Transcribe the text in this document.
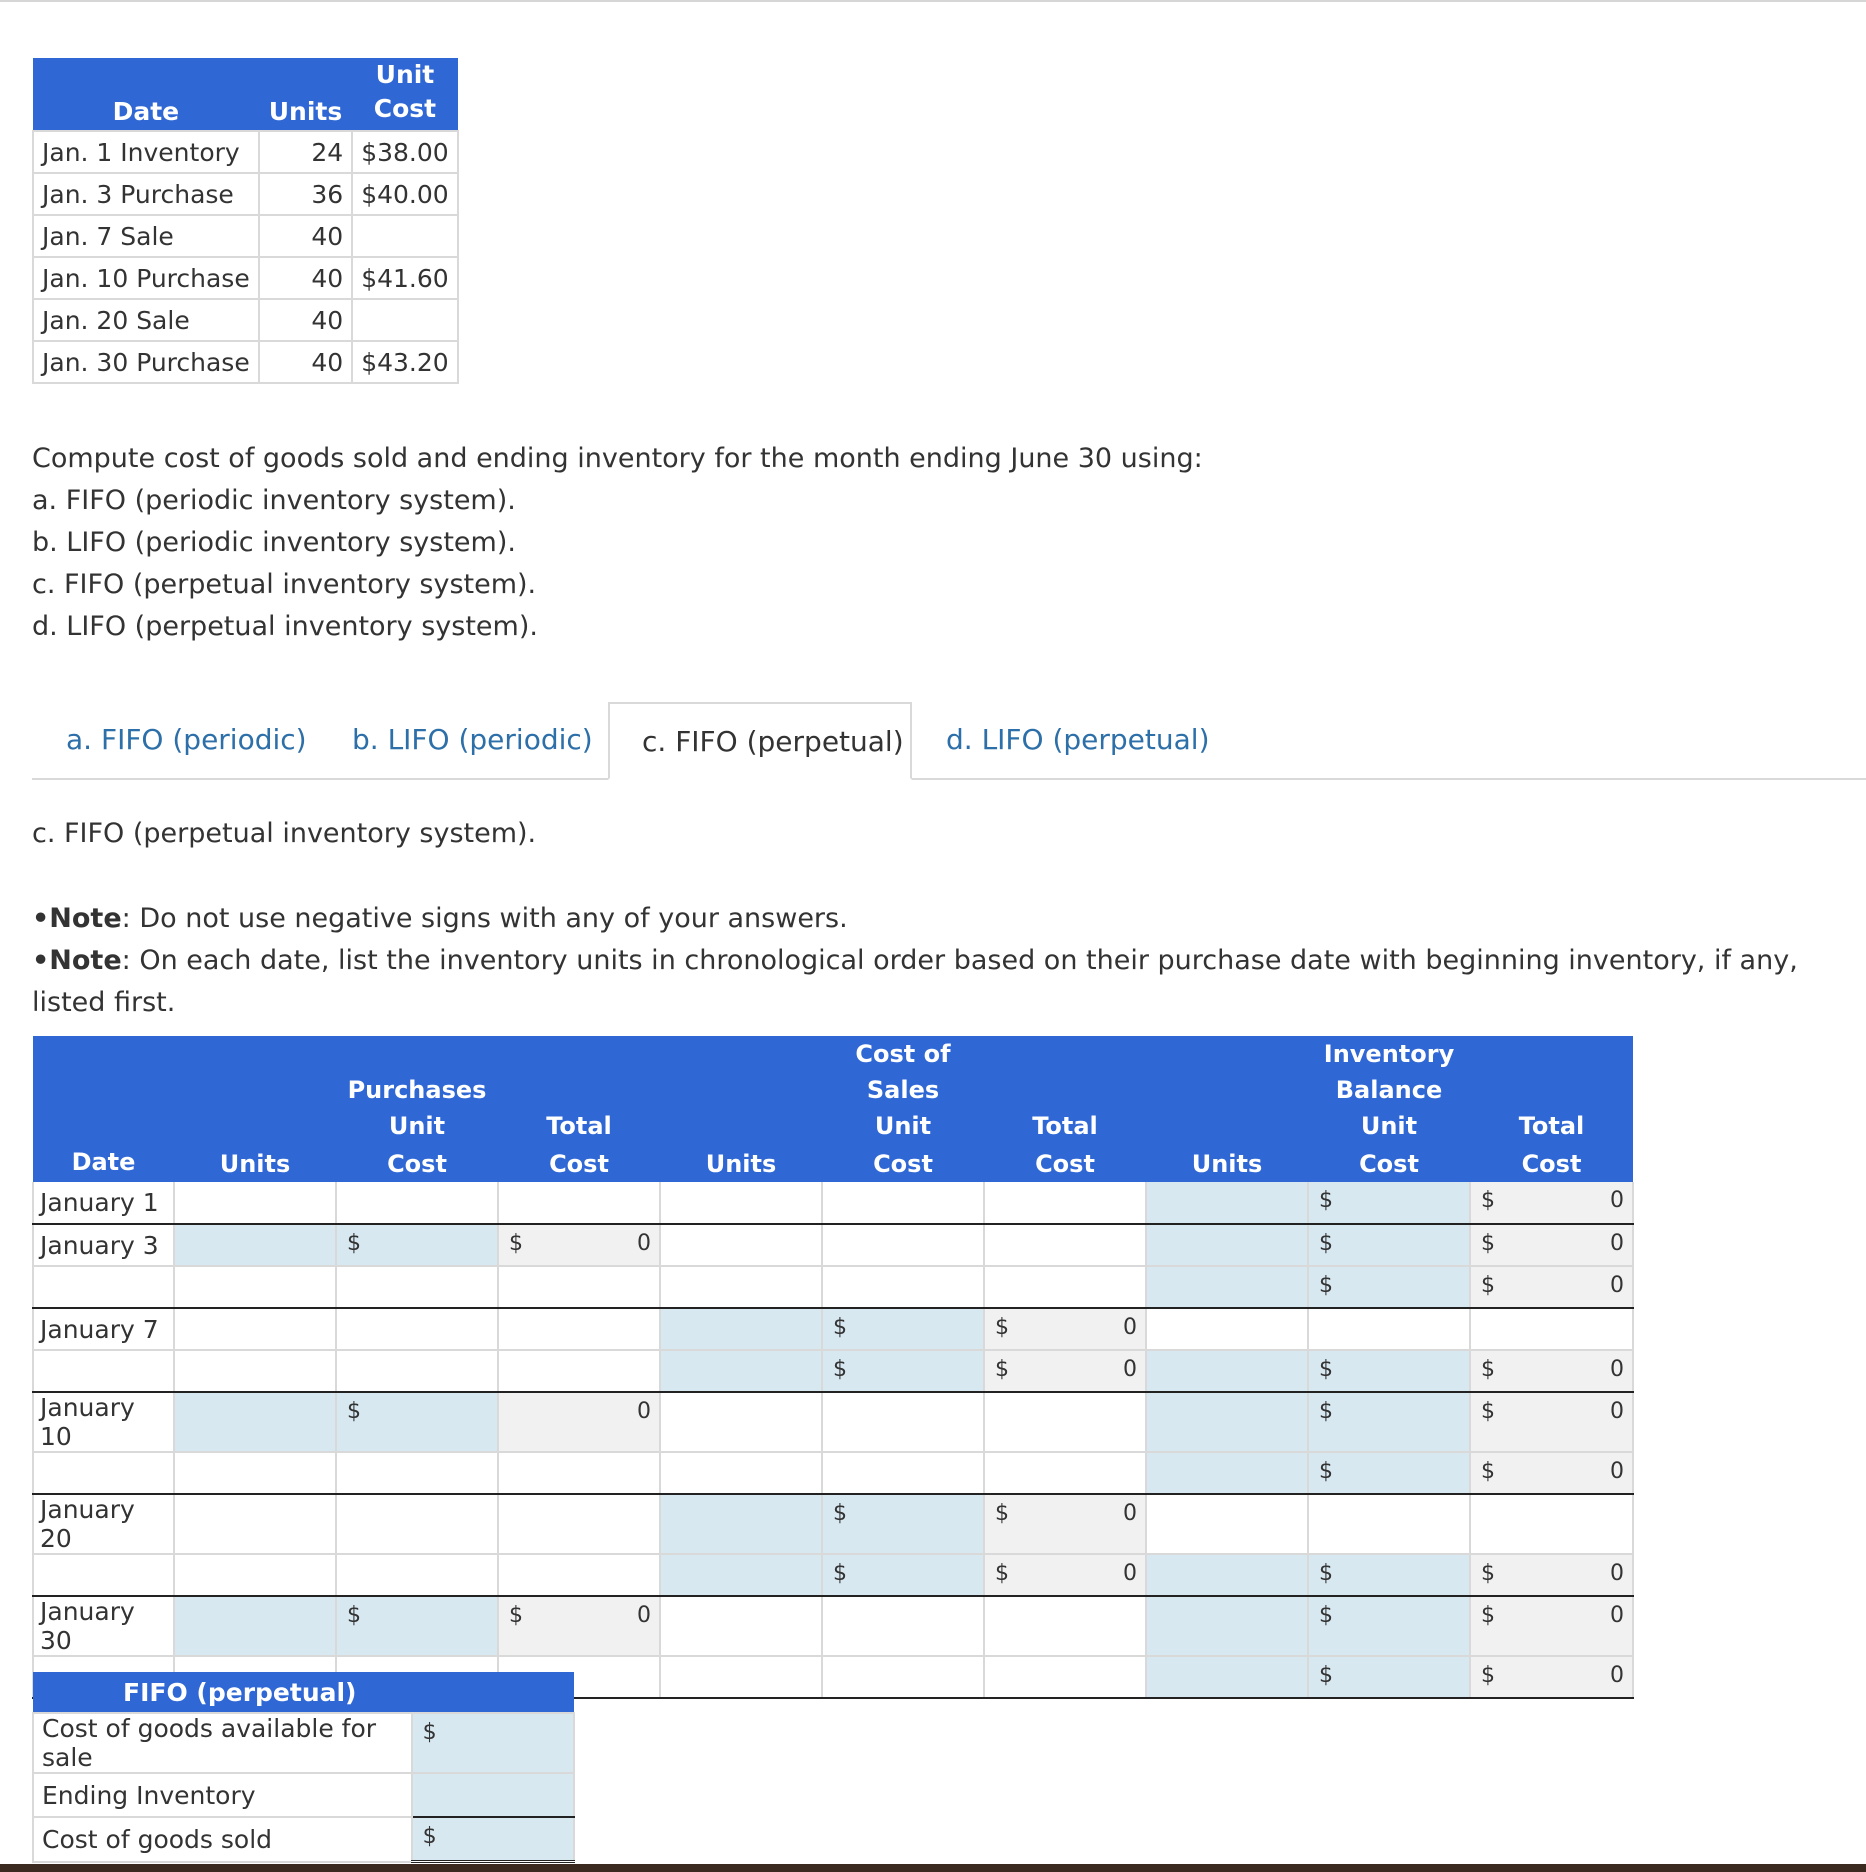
Date	Units	Unit
Cost

Jan. 1 Inventory	24	$38.00
Jan. 3 Purchase	36	$40.00
Jan. 7 Sale	40	
Jan. 10 Purchase	40	$41.60
Jan. 20 Sale	40	
Jan. 30 Purchase	40	$43.20

Compute cost of goods sold and ending inventory for the month ending June 30 using:

a. FIFO (periodic inventory system).

b. LIFO (periodic inventory system).

c. FIFO (perpetual inventory system).

d. LIFO (perpetual inventory system).

a. FIFO (periodic) b. LIFO (periodic)	c. FIFO (perpetual) d. LIFO (perpetual)
c. FIFO (perpetual inventory system).

•Note: Do not use negative signs with any of your answers.

•Note: On each date, list the inventory units in chronological order based on their purchase date with beginning inventory, if any, listed first.

		Purchases			Cost of Sales			Inventory Balance	
		Unit	Total		Unit	Total		Unit	Total
Date	Units	Cost	Cost	Units	Cost	Cost	Units	Cost	Cost
January 1								$	$ 0

January 3		$	$ 0					$	$ 0

								$	$ 0

January 7					$	$ 0			

					$	$ 0		$	$ 0

January 10		$	0					$	$ 0

								$	$ 0

January 20					$	$ 0			

					$	$ 0		$	$ 0

January 30		$	$ 0					$	$ 0

								$	$ 0
FIFO (perpetual)	
Cost of goods available for sale	$

Ending Inventory	

Cost of goods sold	$
